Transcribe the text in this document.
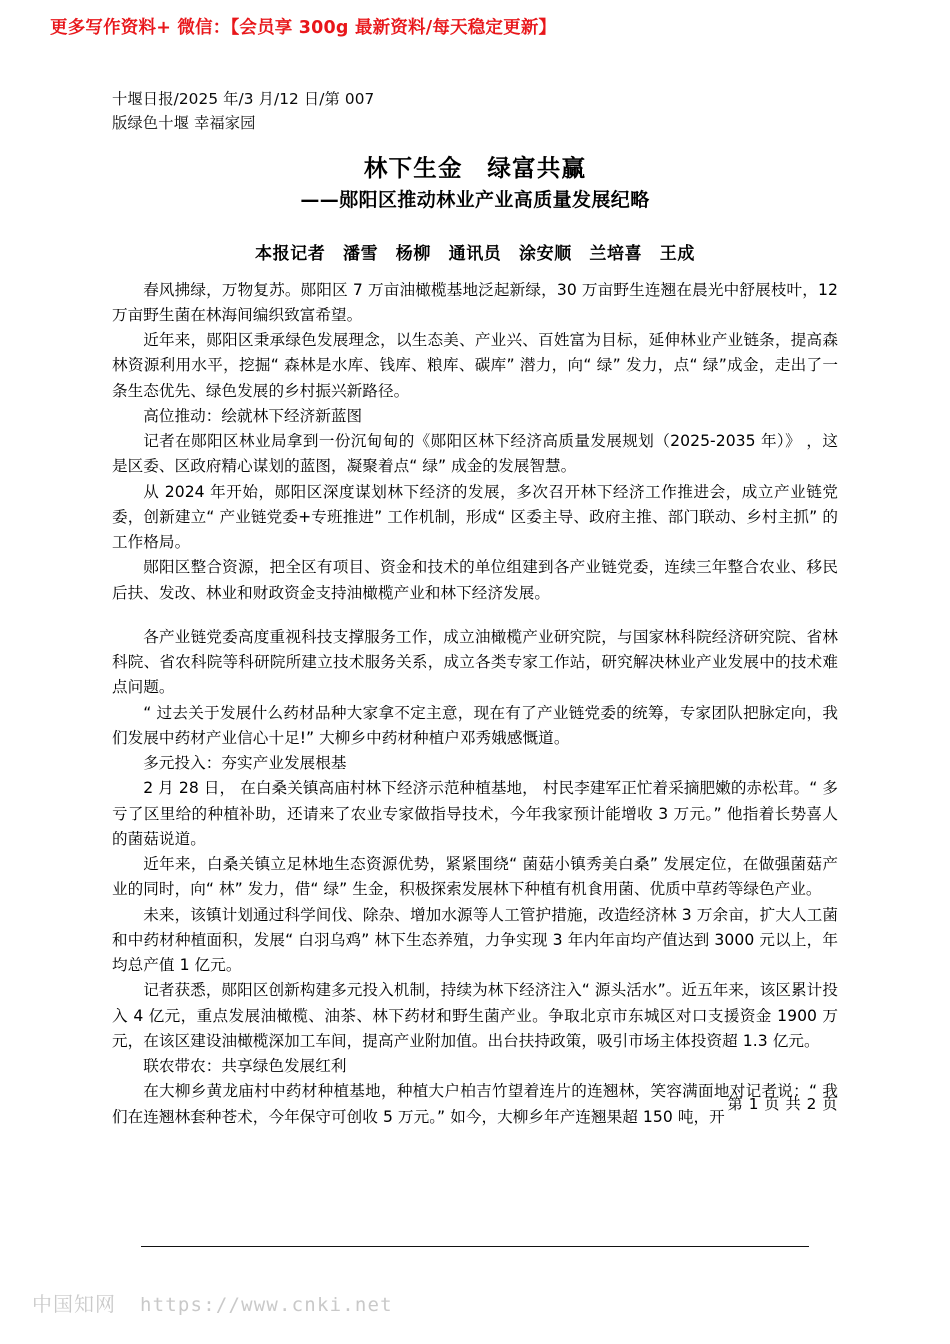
更多写作资料+ 微信：【会员享 300g 最新资料/每天稳定更新】
十堰日报/2025 年/3 月/12 日/第 007
版绿色十堰 幸福家园
林下生金　绿富共赢
——郧阳区推动林业产业高质量发展纪略
本报记者　潘雪　杨柳　通讯员　涂安顺　兰培喜　王成

春风拂绿，万物复苏。郧阳区 7 万亩油橄榄基地泛起新绿，30 万亩野生连翘在晨光中舒展枝叶，12 万亩野生菌在林海间编织致富希望。

近年来，郧阳区秉承绿色发展理念，以生态美、产业兴、百姓富为目标，延伸林业产业链条，提高森林资源利用水平，挖掘“ 森林是水库、钱库、粮库、碳库” 潜力，向“ 绿” 发力，点“ 绿”成金，走出了一条生态优先、绿色发展的乡村振兴新路径。

高位推动：绘就林下经济新蓝图

记者在郧阳区林业局拿到一份沉甸甸的《郧阳区林下经济高质量发展规划（2025-2035 年）》 ，这是区委、区政府精心谋划的蓝图，凝聚着点“ 绿” 成金的发展智慧。

从 2024 年开始，郧阳区深度谋划林下经济的发展，多次召开林下经济工作推进会，成立产业链党委，创新建立“ 产业链党委+专班推进” 工作机制，形成“ 区委主导、政府主推、部门联动、乡村主抓” 的工作格局。

郧阳区整合资源，把全区有项目、资金和技术的单位组建到各产业链党委，连续三年整合农业、移民后扶、发改、林业和财政资金支持油橄榄产业和林下经济发展。

各产业链党委高度重视科技支撑服务工作，成立油橄榄产业研究院，与国家林科院经济研究院、省林科院、省农科院等科研院所建立技术服务关系，成立各类专家工作站，研究解决林业产业发展中的技术难点问题。

“ 过去关于发展什么药材品种大家拿不定主意，现在有了产业链党委的统筹，专家团队把脉定向，我们发展中药材产业信心十足!” 大柳乡中药材种植户邓秀娥感慨道。

多元投入：夯实产业发展根基

2 月 28 日， 在白桑关镇高庙村林下经济示范种植基地， 村民李建军正忙着采摘肥嫩的赤松茸。“ 多亏了区里给的种植补助，还请来了农业专家做指导技术，今年我家预计能增收 3 万元。” 他指着长势喜人的菌菇说道。

近年来，白桑关镇立足林地生态资源优势，紧紧围绕“ 菌菇小镇秀美白桑” 发展定位，在做强菌菇产业的同时，向“ 林” 发力，借“ 绿” 生金，积极探索发展林下种植有机食用菌、优质中草药等绿色产业。

未来，该镇计划通过科学间伐、除杂、增加水源等人工管护措施，改造经济林 3 万余亩，扩大人工菌和中药材种植面积，发展“ 白羽乌鸡” 林下生态养殖，力争实现 3 年内年亩均产值达到 3000 元以上，年均总产值 1 亿元。

记者获悉，郧阳区创新构建多元投入机制，持续为林下经济注入“ 源头活水”。近五年来，该区累计投入 4 亿元，重点发展油橄榄、油茶、林下药材和野生菌产业。争取北京市东城区对口支援资金 1900 万元，在该区建设油橄榄深加工车间，提高产业附加值。出台扶持政策，吸引市场主体投资超 1.3 亿元。

联农带农：共享绿色发展红利

在大柳乡黄龙庙村中药材种植基地，种植大户柏吉竹望着连片的连翘林，笑容满面地对记者说：“ 我们在连翘林套种苍术，今年保守可创收 5 万元。” 如今，大柳乡年产连翘果超 150 吨，开

第 1 页 共 2 页
中国知网 https://www.cnki.net
